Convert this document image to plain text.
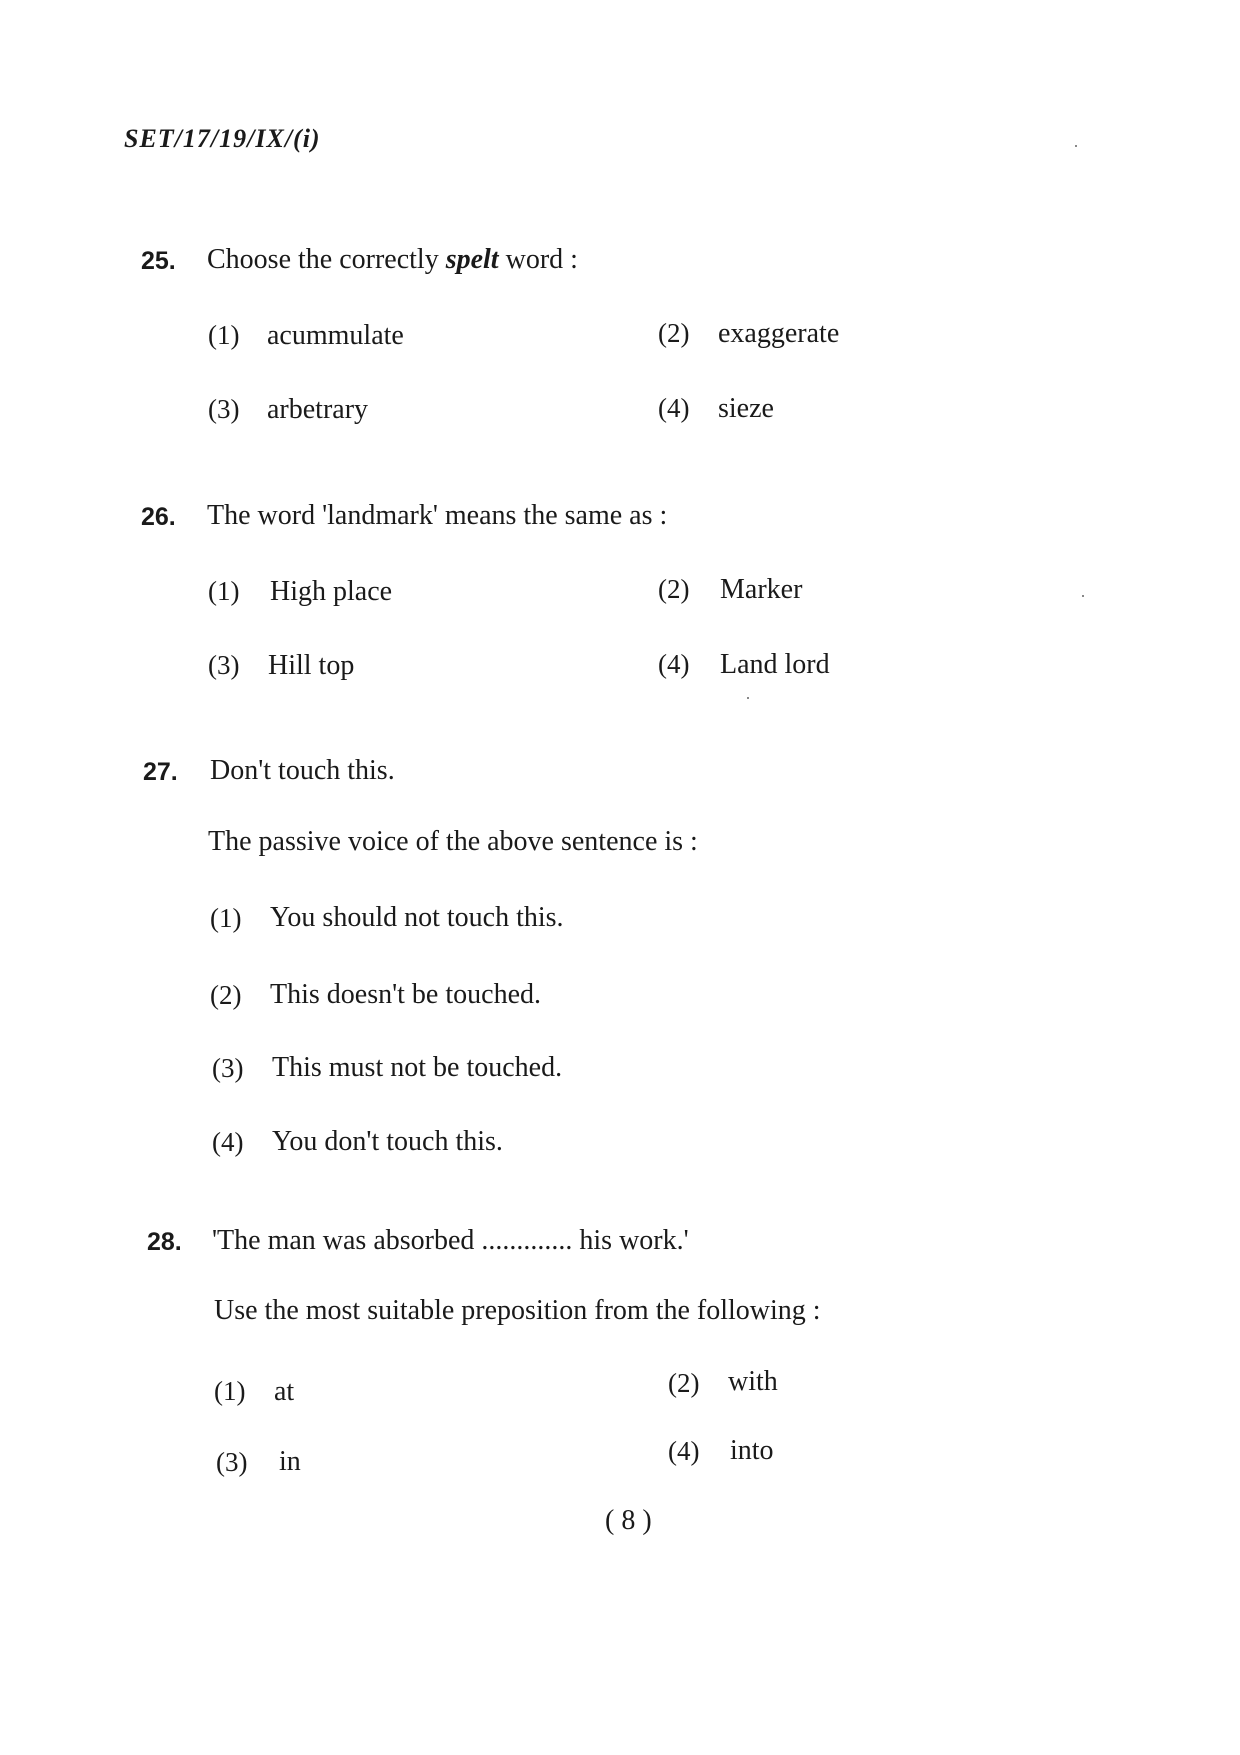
SET/17/19/IX/(i)
25. Choose the correctly spelt word :
(1) acummulate	(2) exaggerate
(3) arbetrary	(4) sieze
26. The word 'landmark' means the same as :
(1) High place	(2) Marker
(3) Hill top	(4) Land lord
27. Don't touch this.
The passive voice of the above sentence is :
(1) You should not touch this.
(2) This doesn't be touched.
(3) This must not be touched.
(4) You don't touch this.
28. 'The man was absorbed ............. his work.'
Use the most suitable preposition from the following :
(1) at	(2) with
(3) in	(4) into
( 8 )
